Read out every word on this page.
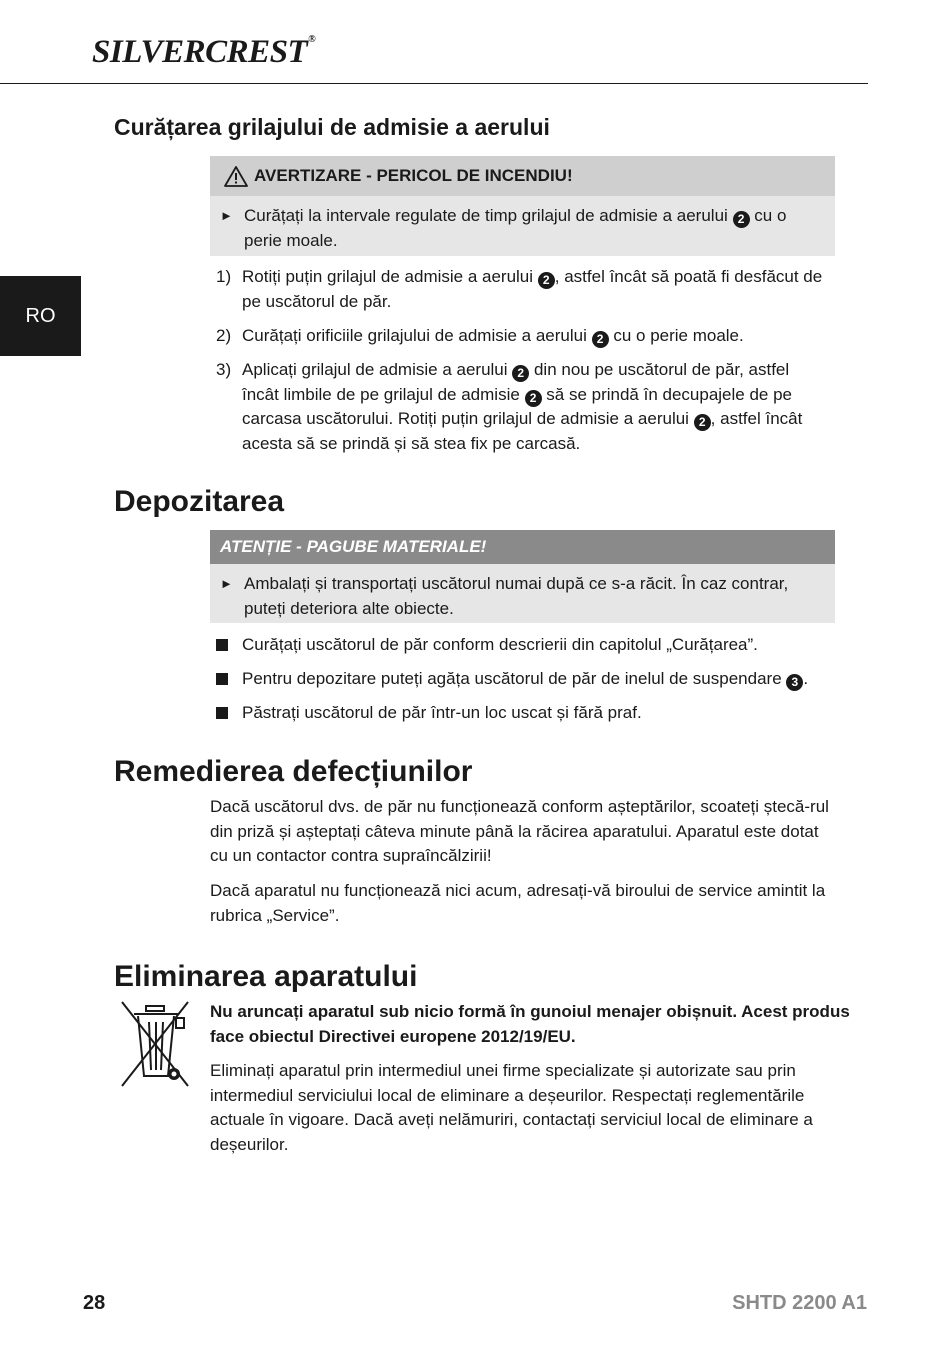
SILVERCREST®
RO
Curățarea grilajului de admisie a aerului
AVERTIZARE - PERICOL DE INCENDIU!
► Curățați la intervale regulate de timp grilajul de admisie a aerului 2 cu o perie moale.
1) Rotiți puțin grilajul de admisie a aerului 2 , astfel încât să poată fi desfăcut de pe uscătorul de păr.
2) Curățați orificiile grilajului de admisie a aerului 2 cu o perie moale.
3) Aplicați grilajul de admisie a aerului 2 din nou pe uscătorul de păr, astfel încât limbile de pe grilajul de admisie 2 să se prindă în decupajele de pe carcasa uscătorului. Rotiți puțin grilajul de admisie a aerului 2 , astfel încât acesta să se prindă și să stea fix pe carcasă.
Depozitarea
ATENȚIE - PAGUBE MATERIALE!
► Ambalați și transportați uscătorul numai după ce s-a răcit. În caz contrar, puteți deteriora alte obiecte.
Curățați uscătorul de păr conform descrierii din capitolul „Curățarea”.
Pentru depozitare puteți agăța uscătorul de păr de inelul de suspendare 3 .
Păstrați uscătorul de păr într-un loc uscat și fără praf.
Remedierea defecțiunilor

Dacă uscătorul dvs. de păr nu funcționează conform așteptărilor, scoateți ștecă-rul din priză și așteptați câteva minute până la răcirea aparatului. Aparatul este dotat cu un contactor contra supraîncălzirii!

Dacă aparatul nu funcționează nici acum, adresați-vă biroului de service amintit la rubrica „Service”.

Eliminarea aparatului

Nu aruncați aparatul sub nicio formă în gunoiul menajer obișnuit. Acest produs face obiectul Directivei europene 2012/19/EU.

Eliminați aparatul prin intermediul unei firme specializate și autorizate sau prin intermediul serviciului local de eliminare a deșeurilor. Respectați reglementările actuale în vigoare. Dacă aveți nelămuriri, contactați serviciul local de eliminare a deșeurilor.

28	SHTD 2200 A1
